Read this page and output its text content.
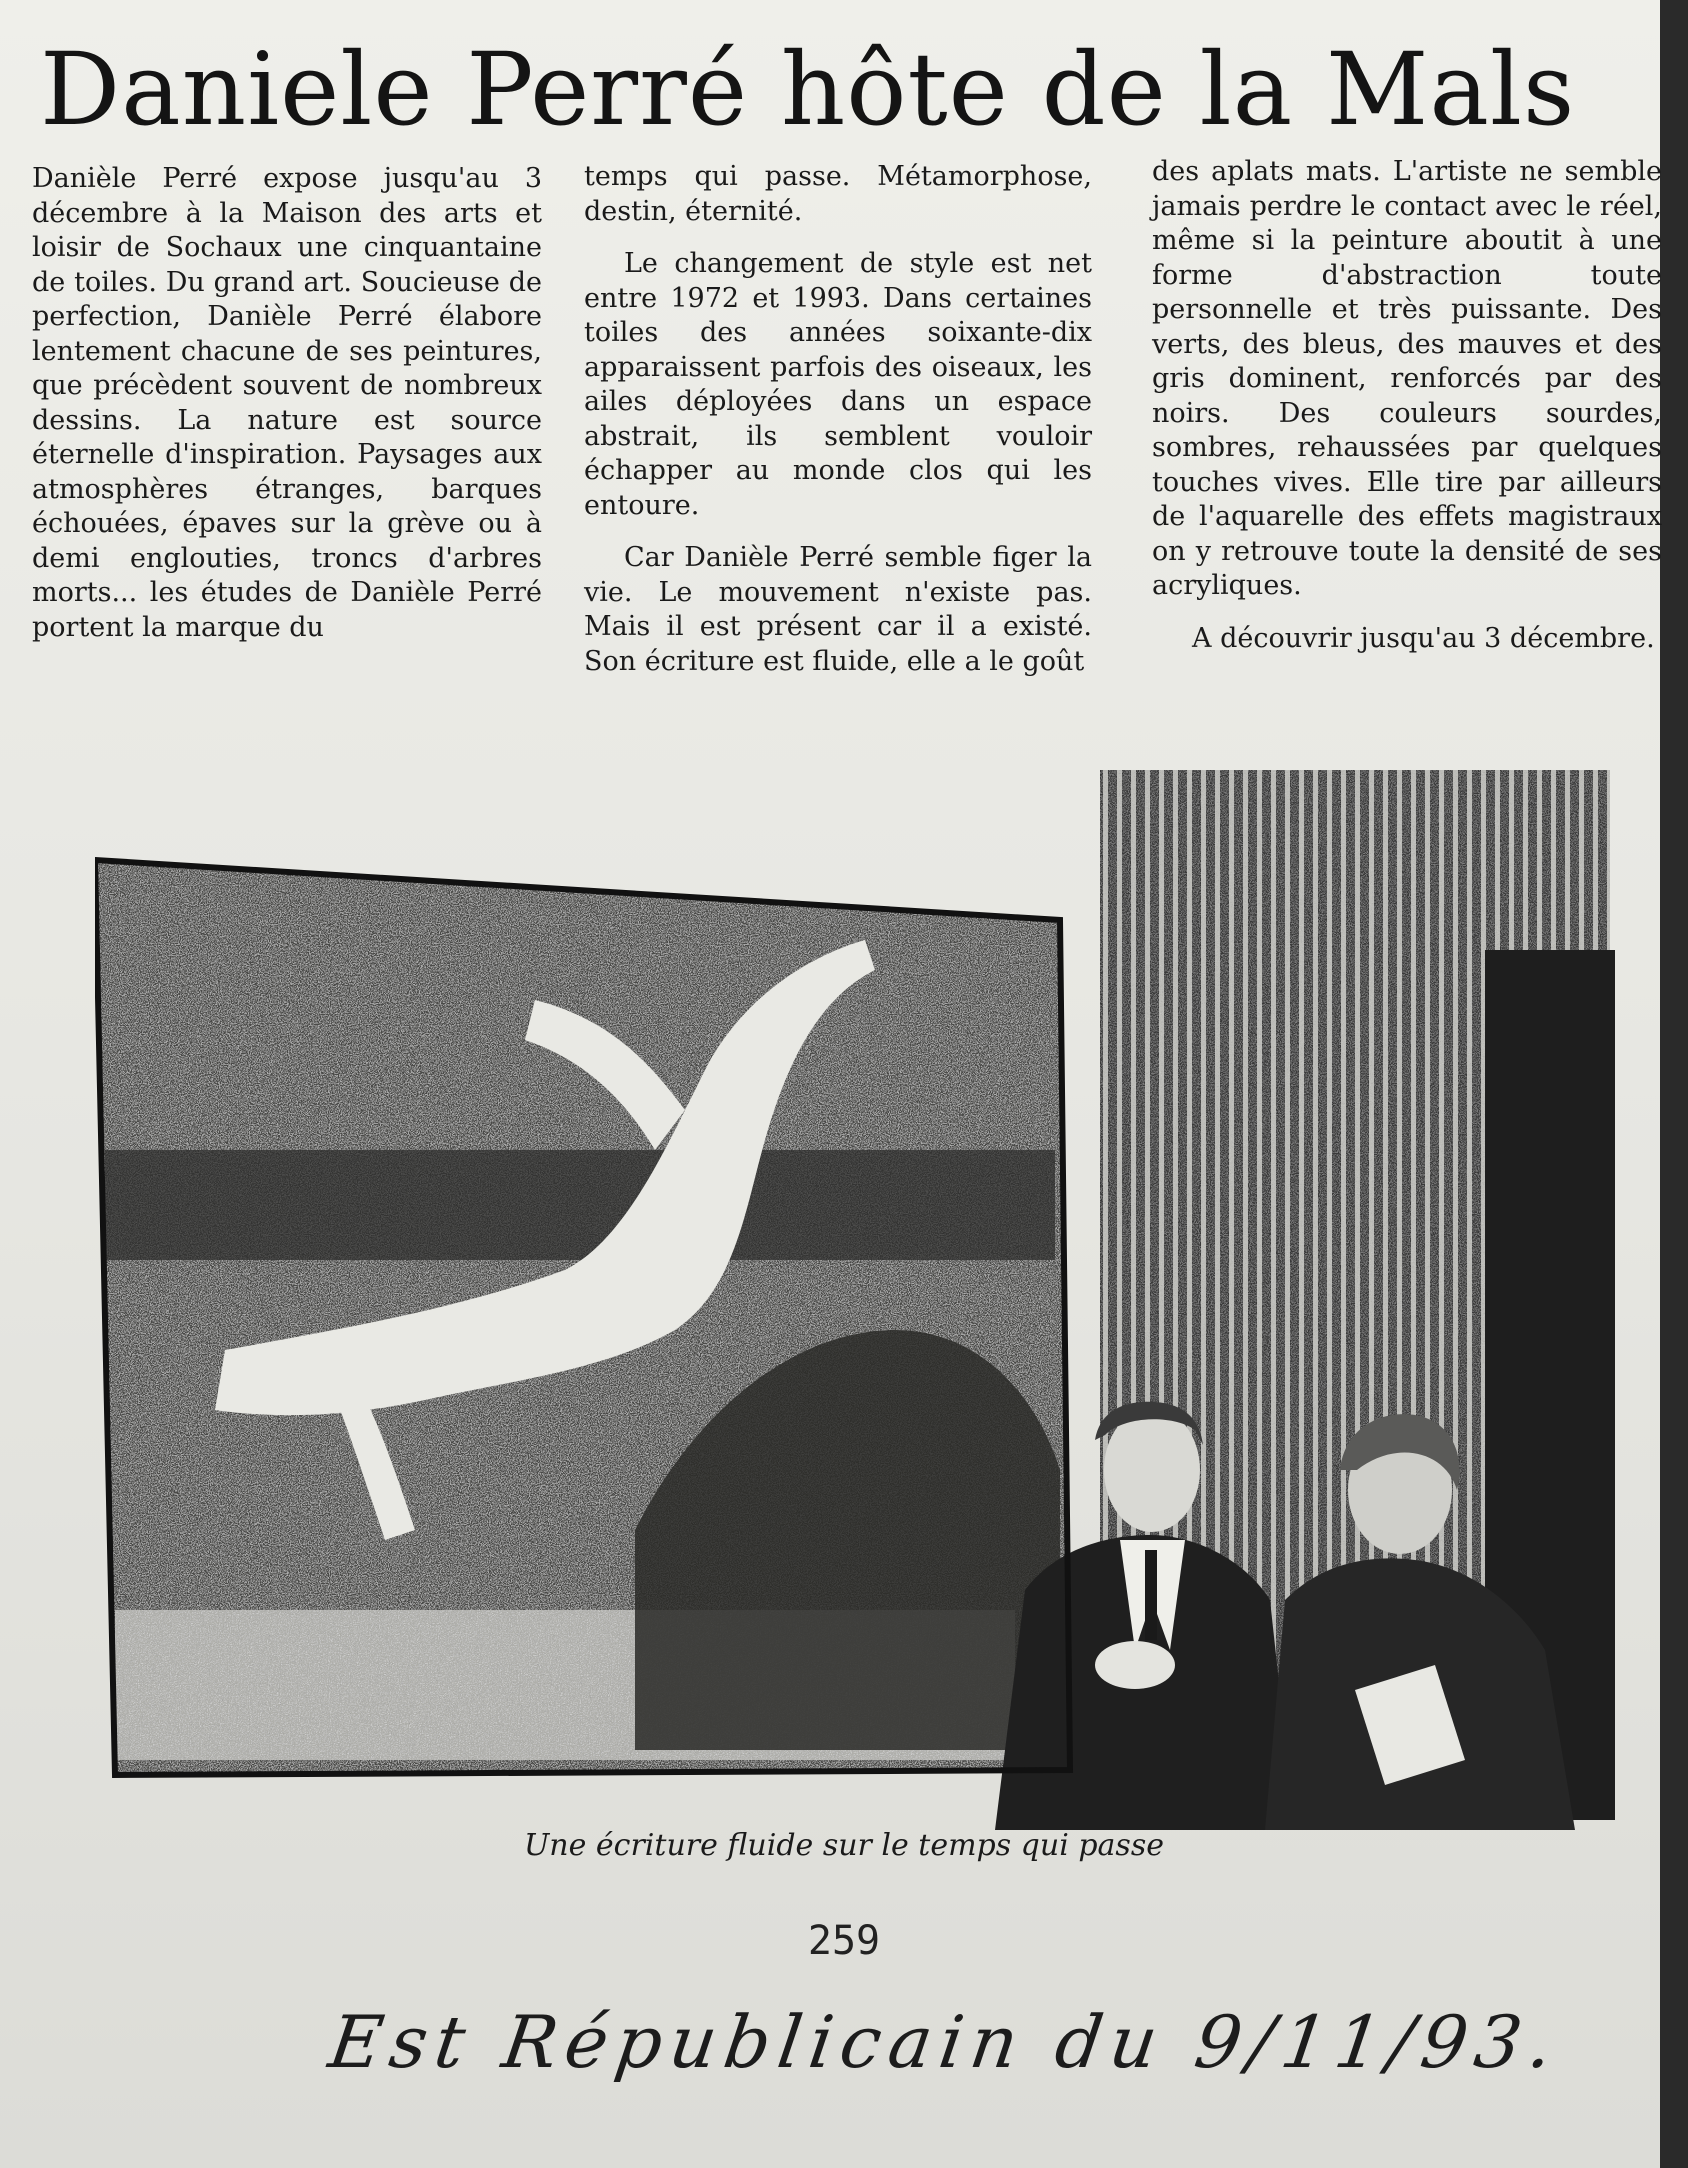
Daniele Perré hôte de la Mals

Danièle Perré expose jusqu'au 3 décembre à la Maison des arts et loisir de Sochaux une cinquantaine de toiles. Du grand art. Soucieuse de perfection, Danièle Perré élabore lentement chacune de ses peintures, que précèdent souvent de nombreux dessins. La nature est source éternelle d'inspiration. Paysages aux atmosphères étranges, barques échouées, épaves sur la grève ou à demi englouties, troncs d'arbres morts... les études de Danièle Perré portent la marque du

temps qui passe. Métamorphose, destin, éternité.

Le changement de style est net entre 1972 et 1993. Dans certaines toiles des années soixante-dix apparaissent parfois des oiseaux, les ailes déployées dans un espace abstrait, ils semblent vouloir échapper au monde clos qui les entoure.

Car Danièle Perré semble figer la vie. Le mouvement n'existe pas. Mais il est présent car il a existé. Son écriture est fluide, elle a le goût

des aplats mats. L'artiste ne semble jamais perdre le contact avec le réel, même si la peinture aboutit à une forme d'abstraction toute personnelle et très puissante. Des verts, des bleus, des mauves et des gris dominent, renforcés par des noirs. Des couleurs sourdes, sombres, rehaussées par quelques touches vives. Elle tire par ailleurs de l'aquarelle des effets magistraux on y retrouve toute la densité de ses acryliques.

A découvrir jusqu'au 3 décembre.

Une écriture fluide sur le temps qui passe
259
Est Républicain du 9/11/93.
